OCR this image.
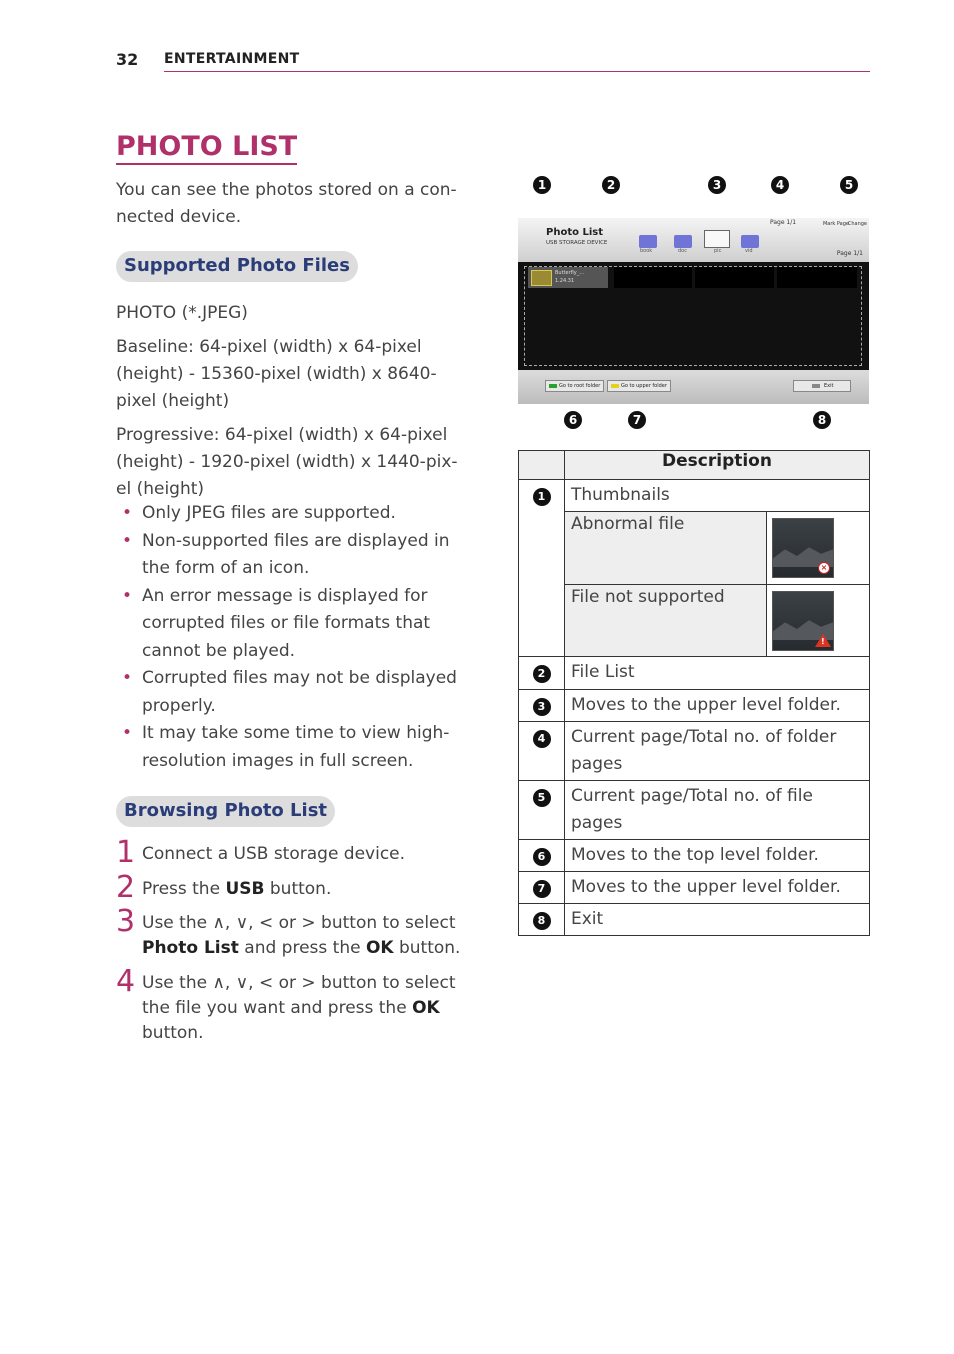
32 ENTERTAINMENT
PHOTO LIST
You can see the photos stored on a con-nected device.
Supported Photo Files
PHOTO (*.JPEG)
Baseline: 64-pixel (width) x 64-pixel (height) - 15360-pixel (width) x 8640-pixel (height)
Progressive: 64-pixel (width) x 64-pixel (height) - 1920-pixel (width) x 1440-pix-el (height)
• Only JPEG files are supported.
• Non-supported files are displayed in the form of an icon.
• An error message is displayed for corrupted files or file formats that cannot be played.
• Corrupted files may not be displayed properly.
• It may take some time to view high-resolution images in full screen.
Browsing Photo List
1 Connect a USB storage device.
2 Press the USB button.
3 Use the ∧, ∨, < or > button to select Photo List and press the OK button.
4 Use the ∧, ∨, < or > button to select the file you want and press the OK button.
1	2	3	4	5
6	7	8
Photo List
USB STORAGE DEVICE
book	doc	pic	vid
Page 1/1	Mark Page
Change
Page 1/1
Butterfly_...
1.24.31
Go to root folder	Go to upper folder	Exit
	Description	
1	Thumbnails	
	Abnormal file	×

	File not supported	!

2	File List	
3	Moves to the upper level folder.	
4	Current page/Total no. of folder pages	
5	Current page/Total no. of file pages	
6	Moves to the top level folder.	
7	Moves to the upper level folder.	
8	Exit	
